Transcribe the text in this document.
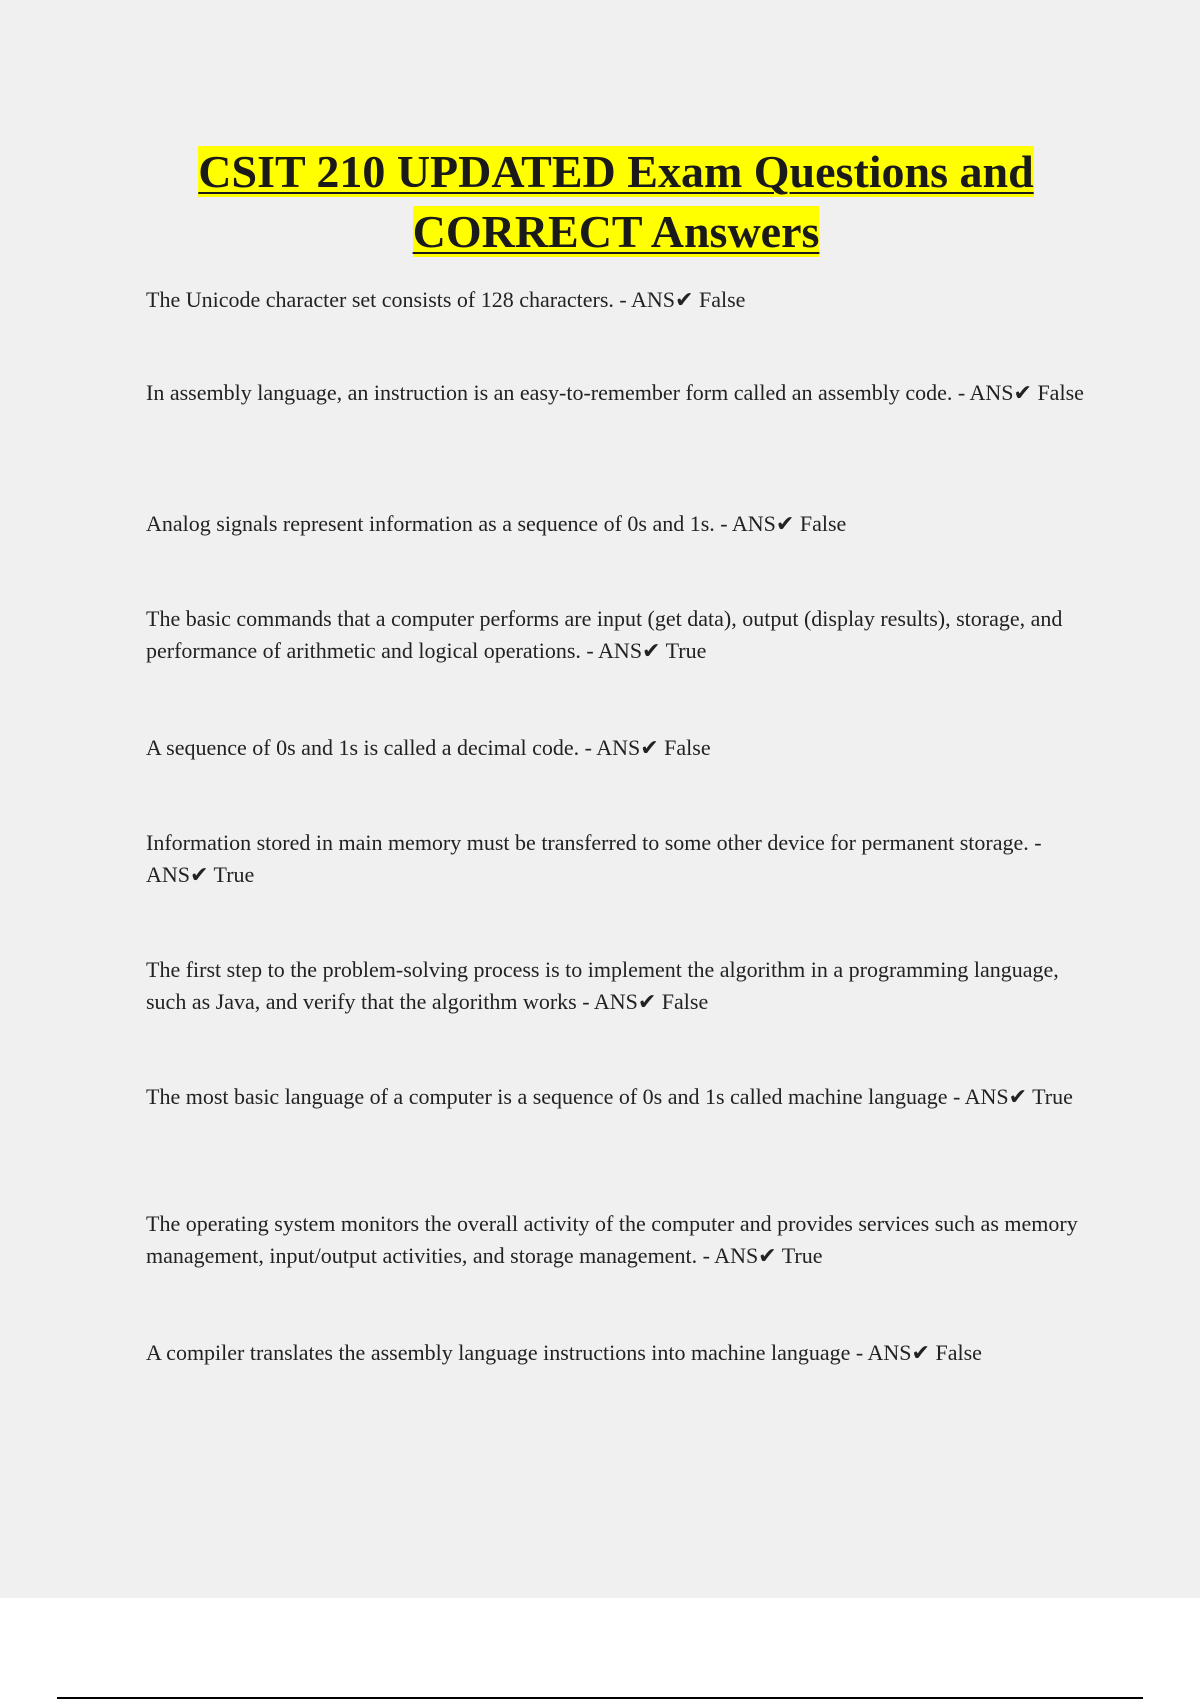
CSIT 210 UPDATED Exam Questions and
CORRECT Answers

The Unicode character set consists of 128 characters. - ANS✔ False

In assembly language, an instruction is an easy-to-remember form called an assembly code. - ANS✔ False

Analog signals represent information as a sequence of 0s and 1s. - ANS✔ False

The basic commands that a computer performs are input (get data), output (display results), storage, and performance of arithmetic and logical operations. - ANS✔ True

A sequence of 0s and 1s is called a decimal code. - ANS✔ False

Information stored in main memory must be transferred to some other device for permanent storage. - ANS✔ True

The first step to the problem-solving process is to implement the algorithm in a programming language, such as Java, and verify that the algorithm works - ANS✔ False

The most basic language of a computer is a sequence of 0s and 1s called machine language - ANS✔ True

The operating system monitors the overall activity of the computer and provides services such as memory management, input/output activities, and storage management. - ANS✔ True

A compiler translates the assembly language instructions into machine language - ANS✔ False
